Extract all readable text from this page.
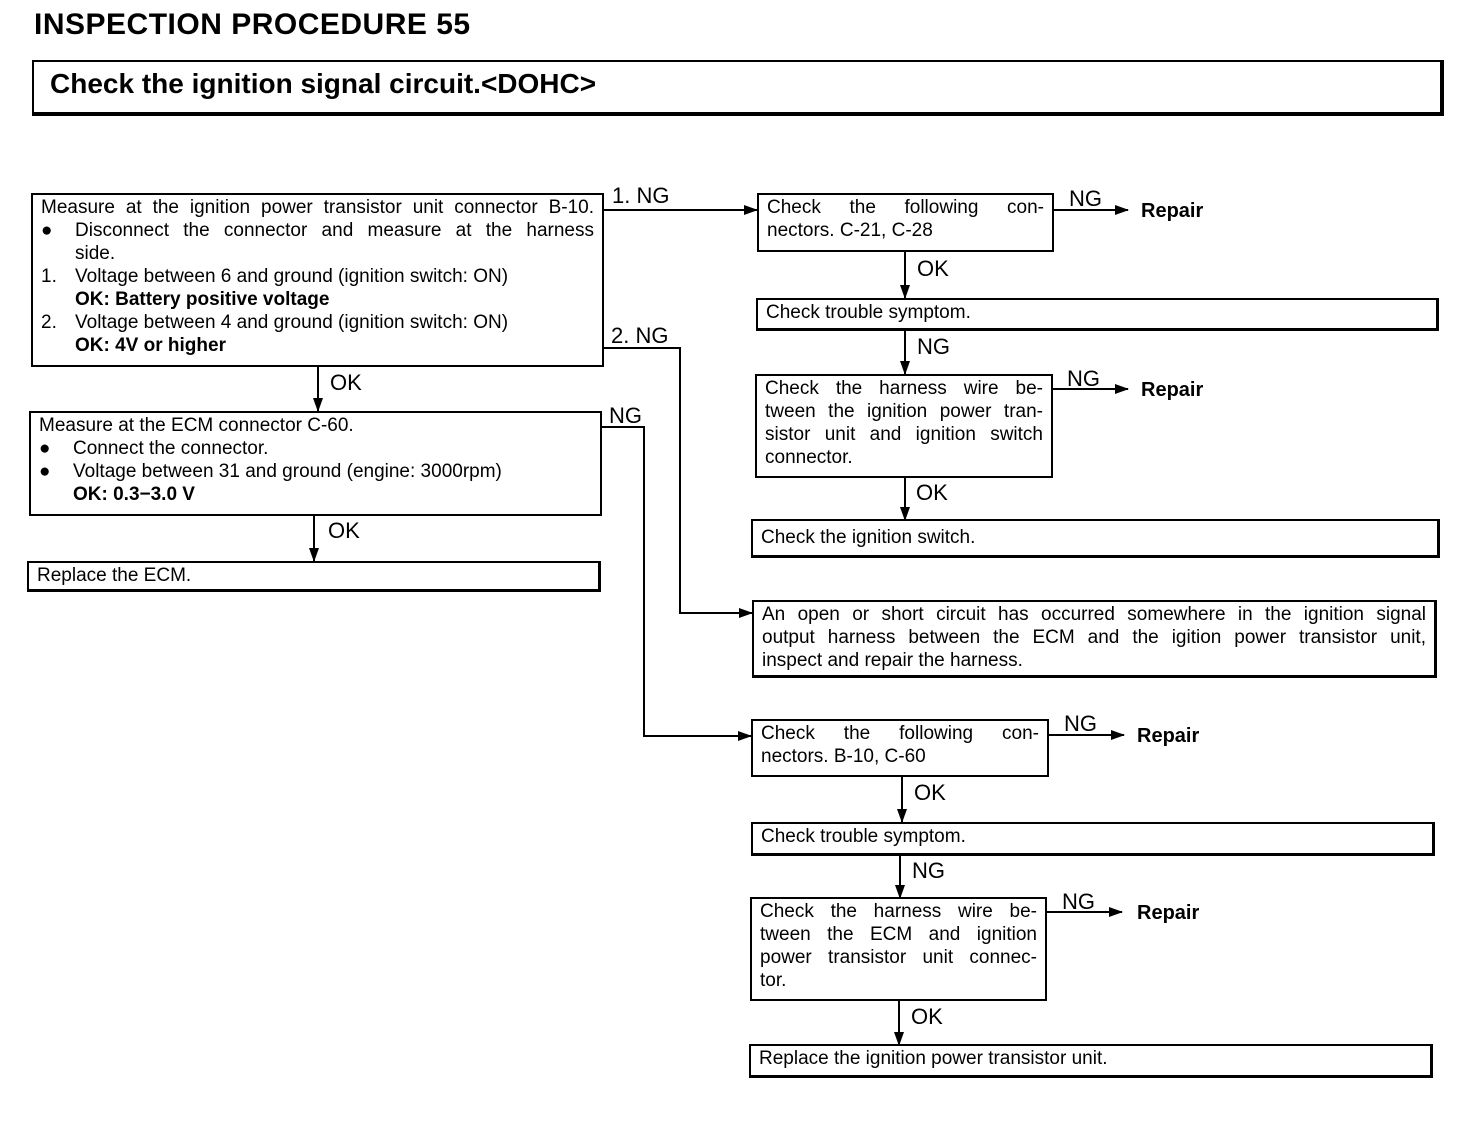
INSPECTION PROCEDURE 55
Check the ignition signal circuit.<DOHC>
Measure at the ignition power transistor unit connector B-10.
● Disconnect the connector and measure at the harness
side.
1. Voltage between 6 and ground (ignition switch: ON)
OK: Battery positive voltage
2. Voltage between 4 and ground (ignition switch: ON)
OK: 4V or higher
Measure at the ECM connector C-60.
● Connect the connector.
● Voltage between 31 and ground (engine: 3000rpm)
OK: 0.3−3.0 V
Replace the ECM.
Check the following con-
nectors. C-21, C-28
Check trouble symptom.
Check the harness wire be-
tween the ignition power tran-
sistor unit and ignition switch
connector.
Check the ignition switch.
An open or short circuit has occurred somewhere in the ignition signal
output harness between the ECM and the igition power transistor unit,
inspect and repair the harness.
Check the following con-
nectors. B-10, C-60
Check trouble symptom.
Check the harness wire be-
tween the ECM and ignition
power transistor unit connec-
tor.
Replace the ignition power transistor unit.
1. NG
2. NG
OK
NG
OK
NG Repair
OK
NG
NG Repair
OK
NG Repair
OK
NG
NG Repair
OK
